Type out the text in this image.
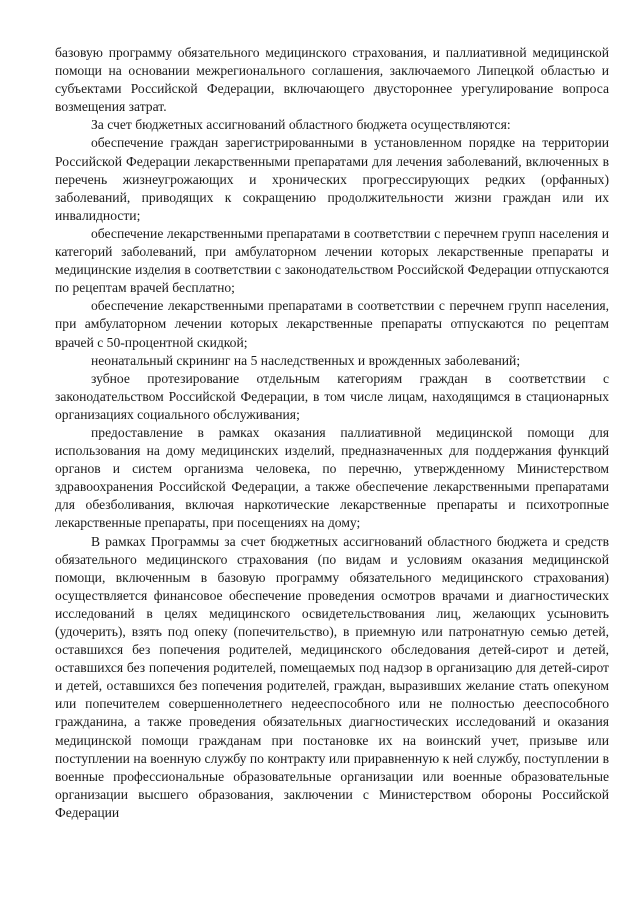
базовую программу обязательного медицинского страхования, и паллиативной медицинской помощи на основании межрегионального соглашения, заключаемого Липецкой областью и субъектами Российской Федерации, включающего двустороннее урегулирование вопроса возмещения затрат.

За счет бюджетных ассигнований областного бюджета осуществляются:

обеспечение граждан зарегистрированными в установленном порядке на территории Российской Федерации лекарственными препаратами для лечения заболеваний, включенных в перечень жизнеугрожающих и хронических прогрессирующих редких (орфанных) заболеваний, приводящих к сокращению продолжительности жизни граждан или их инвалидности;

обеспечение лекарственными препаратами в соответствии с перечнем групп населения и категорий заболеваний, при амбулаторном лечении которых лекарственные препараты и медицинские изделия в соответствии с законодательством Российской Федерации отпускаются по рецептам врачей бесплатно;

обеспечение лекарственными препаратами в соответствии с перечнем групп населения, при амбулаторном лечении которых лекарственные препараты отпускаются по рецептам врачей с 50-процентной скидкой;

неонатальный скрининг на 5 наследственных и врожденных заболеваний;

зубное протезирование отдельным категориям граждан в соответствии с законодательством Российской Федерации, в том числе лицам, находящимся в стационарных организациях социального обслуживания;

предоставление в рамках оказания паллиативной медицинской помощи для использования на дому медицинских изделий, предназначенных для поддержания функций органов и систем организма человека, по перечню, утвержденному Министерством здравоохранения Российской Федерации, а также обеспечение лекарственными препаратами для обезболивания, включая наркотические лекарственные препараты и психотропные лекарственные препараты, при посещениях на дому;

В рамках Программы за счет бюджетных ассигнований областного бюджета и средств обязательного медицинского страхования (по видам и условиям оказания медицинской помощи, включенным в базовую программу обязательного медицинского страхования) осуществляется финансовое обеспечение проведения осмотров врачами и диагностических исследований в целях медицинского освидетельствования лиц, желающих усыновить (удочерить), взять под опеку (попечительство), в приемную или патронатную семью детей, оставшихся без попечения родителей, медицинского обследования детей-сирот и детей, оставшихся без попечения родителей, помещаемых под надзор в организацию для детей-сирот и детей, оставшихся без попечения родителей, граждан, выразивших желание стать опекуном или попечителем совершеннолетнего недееспособного или не полностью дееспособного гражданина, а также проведения обязательных диагностических исследований и оказания медицинской помощи гражданам при постановке их на воинский учет, призыве или поступлении на военную службу по контракту или приравненную к ней службу, поступлении в военные профессиональные образовательные организации или военные образовательные организации высшего образования, заключении с Министерством обороны Российской Федерации
